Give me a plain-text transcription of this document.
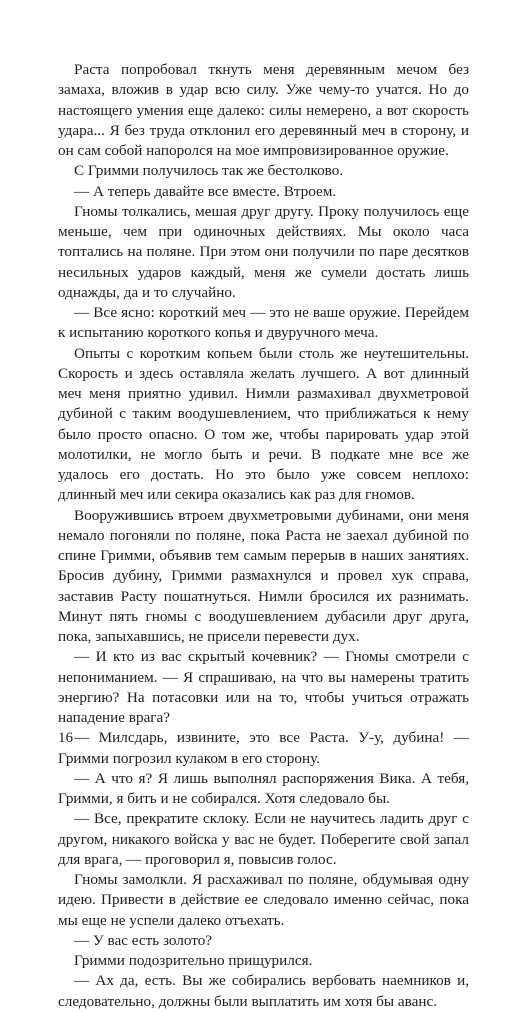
Раста попробовал ткнуть меня деревянным мечом без замаха, вложив в удар всю силу. Уже чему-то учатся. Но до настоящего умения еще далеко: силы немерено, а вот скорость удара... Я без труда отклонил его деревянный меч в сторону, и он сам собой напоролся на мое импровизированное оружие.

С Гримми получилось так же бестолково.

— А теперь давайте все вместе. Втроем.

Гномы толкались, мешая друг другу. Проку получилось еще меньше, чем при одиночных действиях. Мы около часа топтались на поляне. При этом они получили по паре десятков несильных ударов каждый, меня же сумели достать лишь однажды, да и то случайно.

— Все ясно: короткий меч — это не ваше оружие. Перейдем к испытанию короткого копья и двуручного меча.

Опыты с коротким копьем были столь же неутешительны. Скорость и здесь оставляла желать лучшего. А вот длинный меч меня приятно удивил. Нимли размахивал двухметровой дубиной с таким воодушевлением, что приближаться к нему было просто опасно. О том же, чтобы парировать удар этой молотилки, не могло быть и речи. В подкате мне все же удалось его достать. Но это было уже совсем неплохо: длинный меч или секира оказались как раз для гномов.

Вооружившись втроем двухметровыми дубинами, они меня немало погоняли по поляне, пока Раста не заехал дубиной по спине Гримми, объявив тем самым перерыв в наших занятиях. Бросив дубину, Гримми размахнулся и провел хук справа, заставив Расту пошатнуться. Нимли бросился их разнимать. Минут пять гномы с воодушевлением дубасили друг друга, пока, запыхавшись, не присели перевести дух.

— И кто из вас скрытый кочевник? — Гномы смотрели с непониманием. — Я спрашиваю, на что вы намерены тратить энергию? На потасовки или на то, чтобы учиться отражать нападение врага?

— Милсдарь, извините, это все Раста. У-у, дубина! — Гримми погрозил кулаком в его сторону.

— А что я? Я лишь выполнял распоряжения Вика. А тебя, Гримми, я бить и не собирался. Хотя следовало бы.

— Все, прекратите склоку. Если не научитесь ладить друг с другом, никакого войска у вас не будет. Поберегите свой запал для врага, — проговорил я, повысив голос.

Гномы замолкли. Я расхаживал по поляне, обдумывая одну идею. Привести в действие ее следовало именно сейчас, пока мы еще не успели далеко отъехать.

— У вас есть золото?

Гримми подозрительно прищурился.

— Ах да, есть. Вы же собирались вербовать наемников и, следовательно, должны были выплатить им хотя бы аванс.

16
